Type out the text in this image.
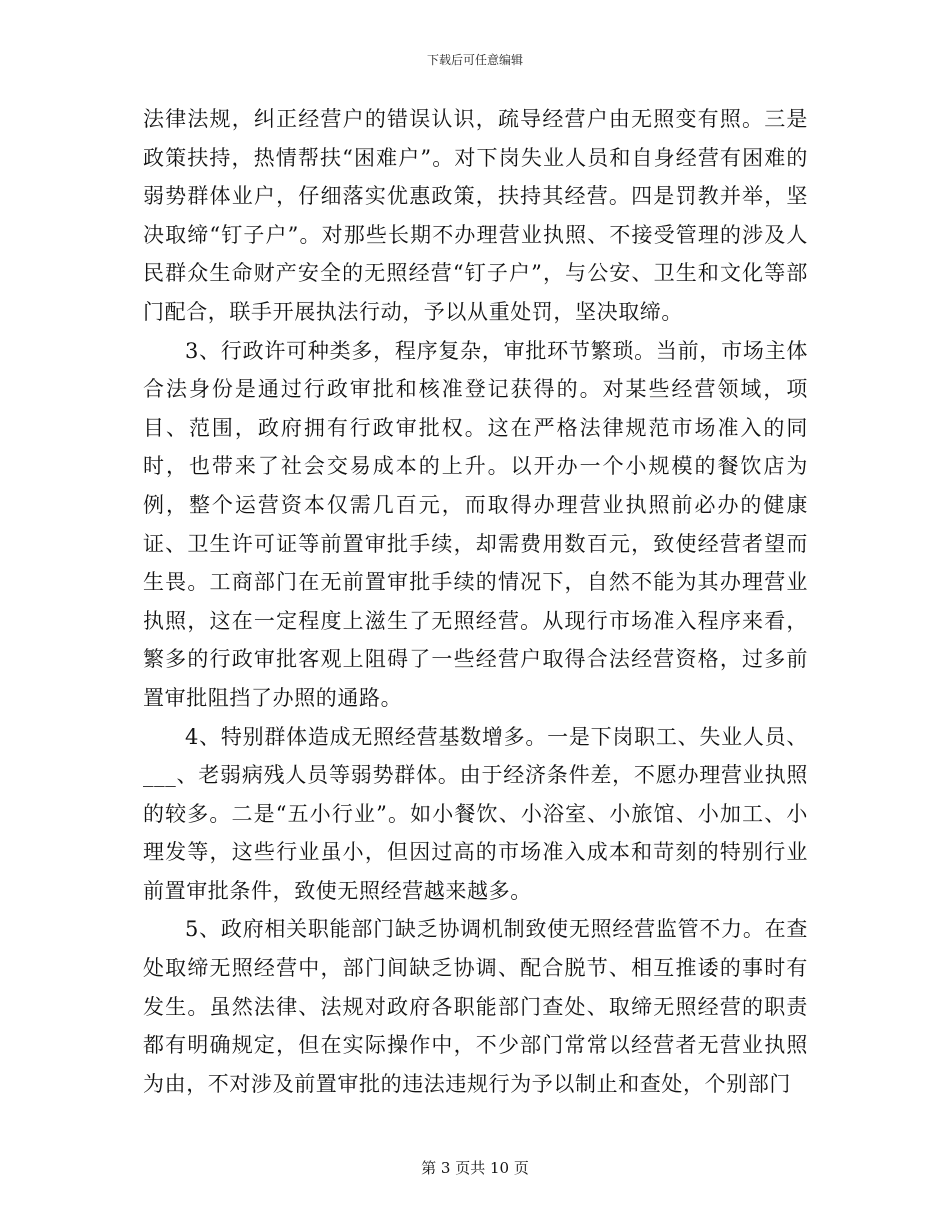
下载后可任意编辑

法律法规，纠正经营户的错误认识，疏导经营户由无照变有照。三是政策扶持，热情帮扶“困难户”。对下岗失业人员和自身经营有困难的弱势群体业户，仔细落实优惠政策，扶持其经营。四是罚教并举，坚决取缔“钉子户”。对那些长期不办理营业执照、不接受管理的涉及人民群众生命财产安全的无照经营“钉子户”，与公安、卫生和文化等部门配合，联手开展执法行动，予以从重处罚，坚决取缔。

3、行政许可种类多，程序复杂，审批环节繁琐。当前，市场主体合法身份是通过行政审批和核准登记获得的。对某些经营领域，项目、范围，政府拥有行政审批权。这在严格法律规范市场准入的同时，也带来了社会交易成本的上升。以开办一个小规模的餐饮店为例，整个运营资本仅需几百元，而取得办理营业执照前必办的健康证、卫生许可证等前置审批手续，却需费用数百元，致使经营者望而生畏。工商部门在无前置审批手续的情况下，自然不能为其办理营业执照，这在一定程度上滋生了无照经营。从现行市场准入程序来看，繁多的行政审批客观上阻碍了一些经营户取得合法经营资格，过多前置审批阻挡了办照的通路。

4、特别群体造成无照经营基数增多。一是下岗职工、失业人员、___、老弱病残人员等弱势群体。由于经济条件差，不愿办理营业执照的较多。二是“五小行业”。如小餐饮、小浴室、小旅馆、小加工、小理发等，这些行业虽小，但因过高的市场准入成本和苛刻的特别行业前置审批条件，致使无照经营越来越多。

5、政府相关职能部门缺乏协调机制致使无照经营监管不力。在查处取缔无照经营中，部门间缺乏协调、配合脱节、相互推诿的事时有发生。虽然法律、法规对政府各职能部门查处、取缔无照经营的职责都有明确规定，但在实际操作中，不少部门常常以经营者无营业执照为由，不对涉及前置审批的违法违规行为予以制止和查处，个别部门

第 3 页共 10 页
